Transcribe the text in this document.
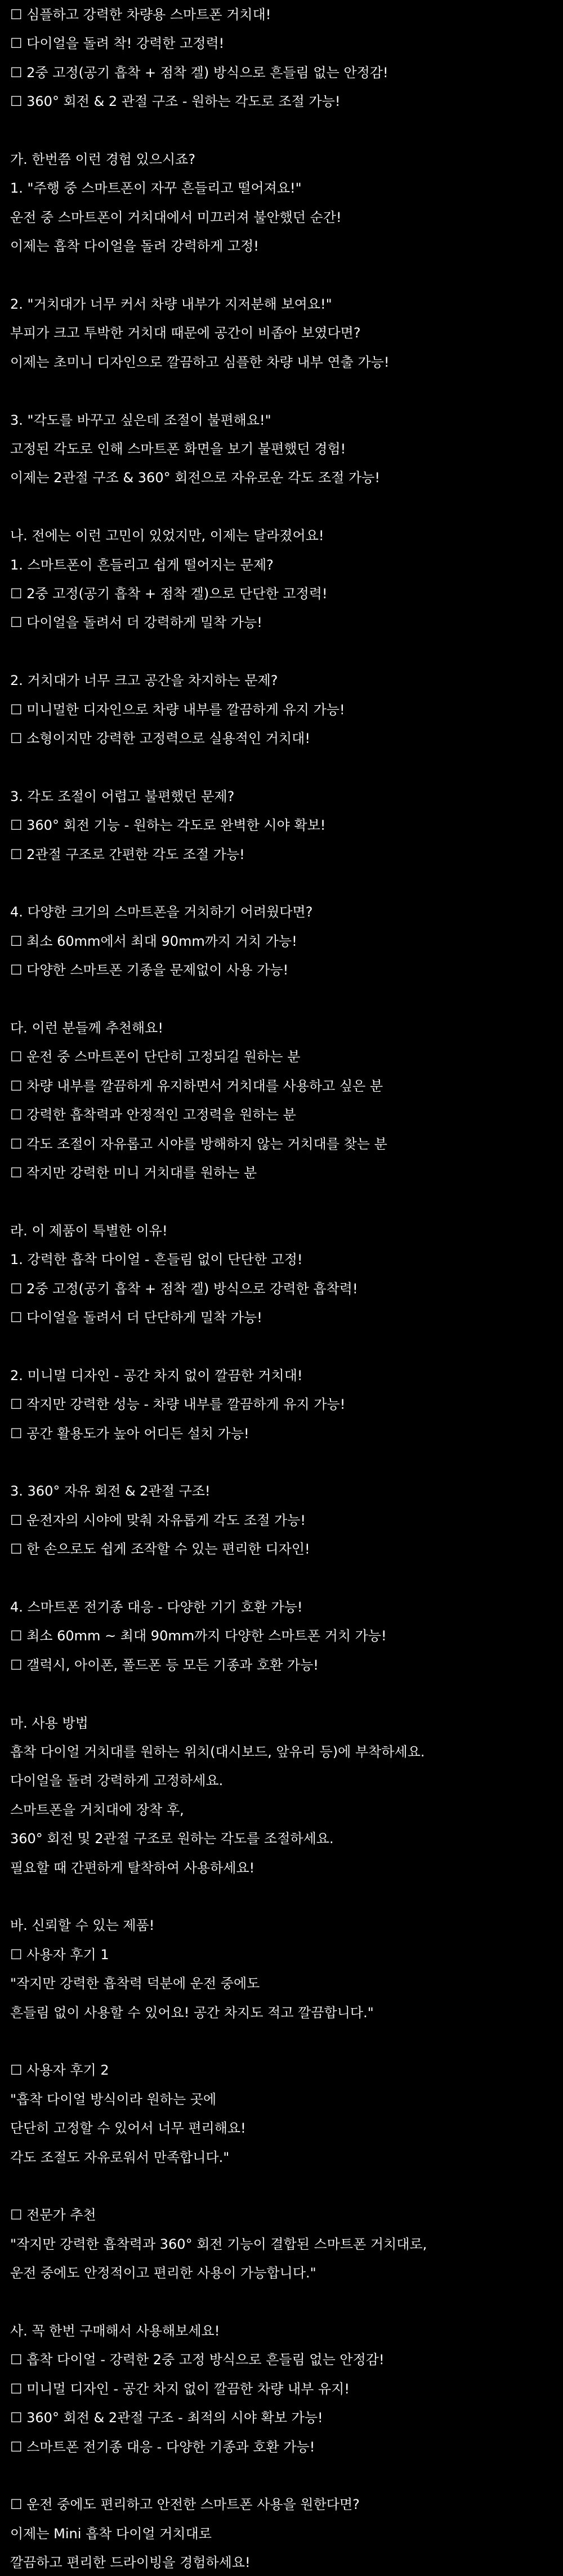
☐ 심플하고 강력한 차량용 스마트폰 거치대!
☐ 다이얼을 돌려 착! 강력한 고정력!
☐ 2중 고정(공기 흡착 + 점착 겔) 방식으로 흔들림 없는 안정감!
☐ 360° 회전 & 2 관절 구조 - 원하는 각도로 조절 가능!
가. 한번쯤 이런 경험 있으시죠?
1. "주행 중 스마트폰이 자꾸 흔들리고 떨어져요!"
운전 중 스마트폰이 거치대에서 미끄러져 불안했던 순간!
이제는 흡착 다이얼을 돌려 강력하게 고정!
2. "거치대가 너무 커서 차량 내부가 지저분해 보여요!"
부피가 크고 투박한 거치대 때문에 공간이 비좁아 보였다면?
이제는 초미니 디자인으로 깔끔하고 심플한 차량 내부 연출 가능!
3. "각도를 바꾸고 싶은데 조절이 불편해요!"
고정된 각도로 인해 스마트폰 화면을 보기 불편했던 경험!
이제는 2관절 구조 & 360° 회전으로 자유로운 각도 조절 가능!
나. 전에는 이런 고민이 있었지만, 이제는 달라졌어요!
1. 스마트폰이 흔들리고 쉽게 떨어지는 문제?
☐ 2중 고정(공기 흡착 + 점착 겔)으로 단단한 고정력!
☐ 다이얼을 돌려서 더 강력하게 밀착 가능!
2. 거치대가 너무 크고 공간을 차지하는 문제?
☐ 미니멀한 디자인으로 차량 내부를 깔끔하게 유지 가능!
☐ 소형이지만 강력한 고정력으로 실용적인 거치대!
3. 각도 조절이 어렵고 불편했던 문제?
☐ 360° 회전 기능 - 원하는 각도로 완벽한 시야 확보!
☐ 2관절 구조로 간편한 각도 조절 가능!
4. 다양한 크기의 스마트폰을 거치하기 어려웠다면?
☐ 최소 60mm에서 최대 90mm까지 거치 가능!
☐ 다양한 스마트폰 기종을 문제없이 사용 가능!
다. 이런 분들께 추천해요!
☐ 운전 중 스마트폰이 단단히 고정되길 원하는 분
☐ 차량 내부를 깔끔하게 유지하면서 거치대를 사용하고 싶은 분
☐ 강력한 흡착력과 안정적인 고정력을 원하는 분
☐ 각도 조절이 자유롭고 시야를 방해하지 않는 거치대를 찾는 분
☐ 작지만 강력한 미니 거치대를 원하는 분
라. 이 제품이 특별한 이유!
1. 강력한 흡착 다이얼 - 흔들림 없이 단단한 고정!
☐ 2중 고정(공기 흡착 + 점착 겔) 방식으로 강력한 흡착력!
☐ 다이얼을 돌려서 더 단단하게 밀착 가능!
2. 미니멀 디자인 - 공간 차지 없이 깔끔한 거치대!
☐ 작지만 강력한 성능 - 차량 내부를 깔끔하게 유지 가능!
☐ 공간 활용도가 높아 어디든 설치 가능!
3. 360° 자유 회전 & 2관절 구조!
☐ 운전자의 시야에 맞춰 자유롭게 각도 조절 가능!
☐ 한 손으로도 쉽게 조작할 수 있는 편리한 디자인!
4. 스마트폰 전기종 대응 - 다양한 기기 호환 가능!
☐ 최소 60mm ~ 최대 90mm까지 다양한 스마트폰 거치 가능!
☐ 갤럭시, 아이폰, 폴드폰 등 모든 기종과 호환 가능!
마. 사용 방법
흡착 다이얼 거치대를 원하는 위치(대시보드, 앞유리 등)에 부착하세요.
다이얼을 돌려 강력하게 고정하세요.
스마트폰을 거치대에 장착 후,
360° 회전 및 2관절 구조로 원하는 각도를 조절하세요.
필요할 때 간편하게 탈착하여 사용하세요!
바. 신뢰할 수 있는 제품!
☐ 사용자 후기 1
"작지만 강력한 흡착력 덕분에 운전 중에도
흔들림 없이 사용할 수 있어요! 공간 차지도 적고 깔끔합니다."
☐ 사용자 후기 2
"흡착 다이얼 방식이라 원하는 곳에
단단히 고정할 수 있어서 너무 편리해요!
각도 조절도 자유로워서 만족합니다."
☐ 전문가 추천
"작지만 강력한 흡착력과 360° 회전 기능이 결합된 스마트폰 거치대로,
운전 중에도 안정적이고 편리한 사용이 가능합니다."
사. 꼭 한번 구매해서 사용해보세요!
☐ 흡착 다이얼 - 강력한 2중 고정 방식으로 흔들림 없는 안정감!
☐ 미니멀 디자인 - 공간 차지 없이 깔끔한 차량 내부 유지!
☐ 360° 회전 & 2관절 구조 - 최적의 시야 확보 가능!
☐ 스마트폰 전기종 대응 - 다양한 기종과 호환 가능!
☐ 운전 중에도 편리하고 안전한 스마트폰 사용을 원한다면?
이제는 Mini 흡착 다이얼 거치대로
깔끔하고 편리한 드라이빙을 경험하세요!
